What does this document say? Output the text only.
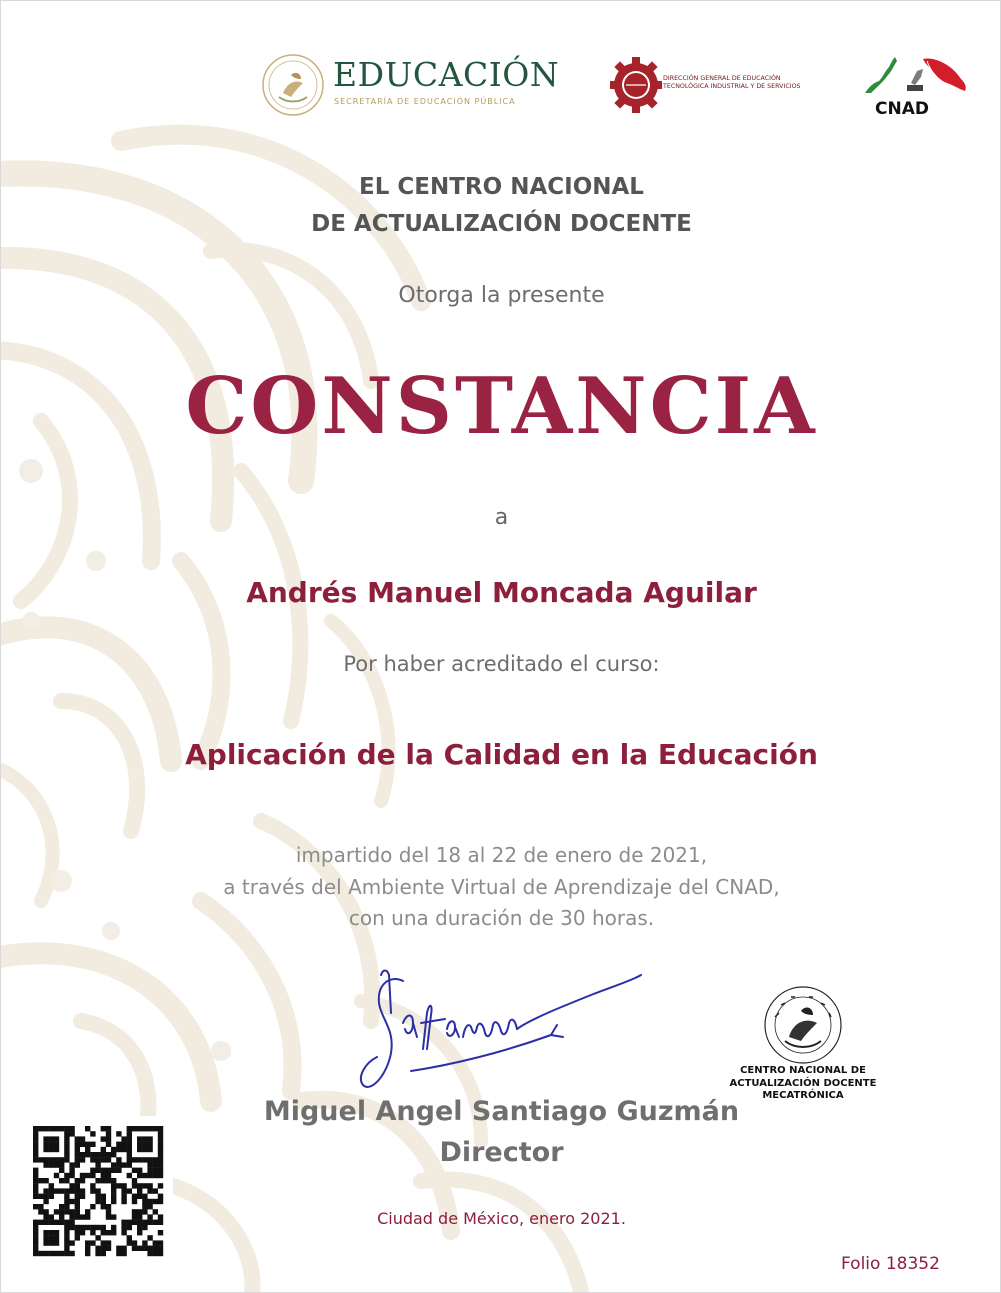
EDUCACIÓN
SECRETARÍA DE EDUCACIÓN PÚBLICA
DIRECCIÓN GENERAL DE EDUCACIÓN
TECNOLÓGICA INDUSTRIAL Y DE SERVICIOS
CNAD
EL CENTRO NACIONAL
DE ACTUALIZACIÓN DOCENTE
Otorga la presente
CONSTANCIA
a
Andrés Manuel Moncada Aguilar
Por haber acreditado el curso:
Aplicación de la Calidad en la Educación
impartido del 18 al 22 de enero de 2021,
a través del Ambiente Virtual de Aprendizaje del CNAD,
con una duración de 30 horas.
Miguel Angel Santiago Guzmán
Director
CENTRO NACIONAL DE
ACTUALIZACIÓN DOCENTE
MECATRÓNICA
Ciudad de México, enero 2021.
Folio 18352
